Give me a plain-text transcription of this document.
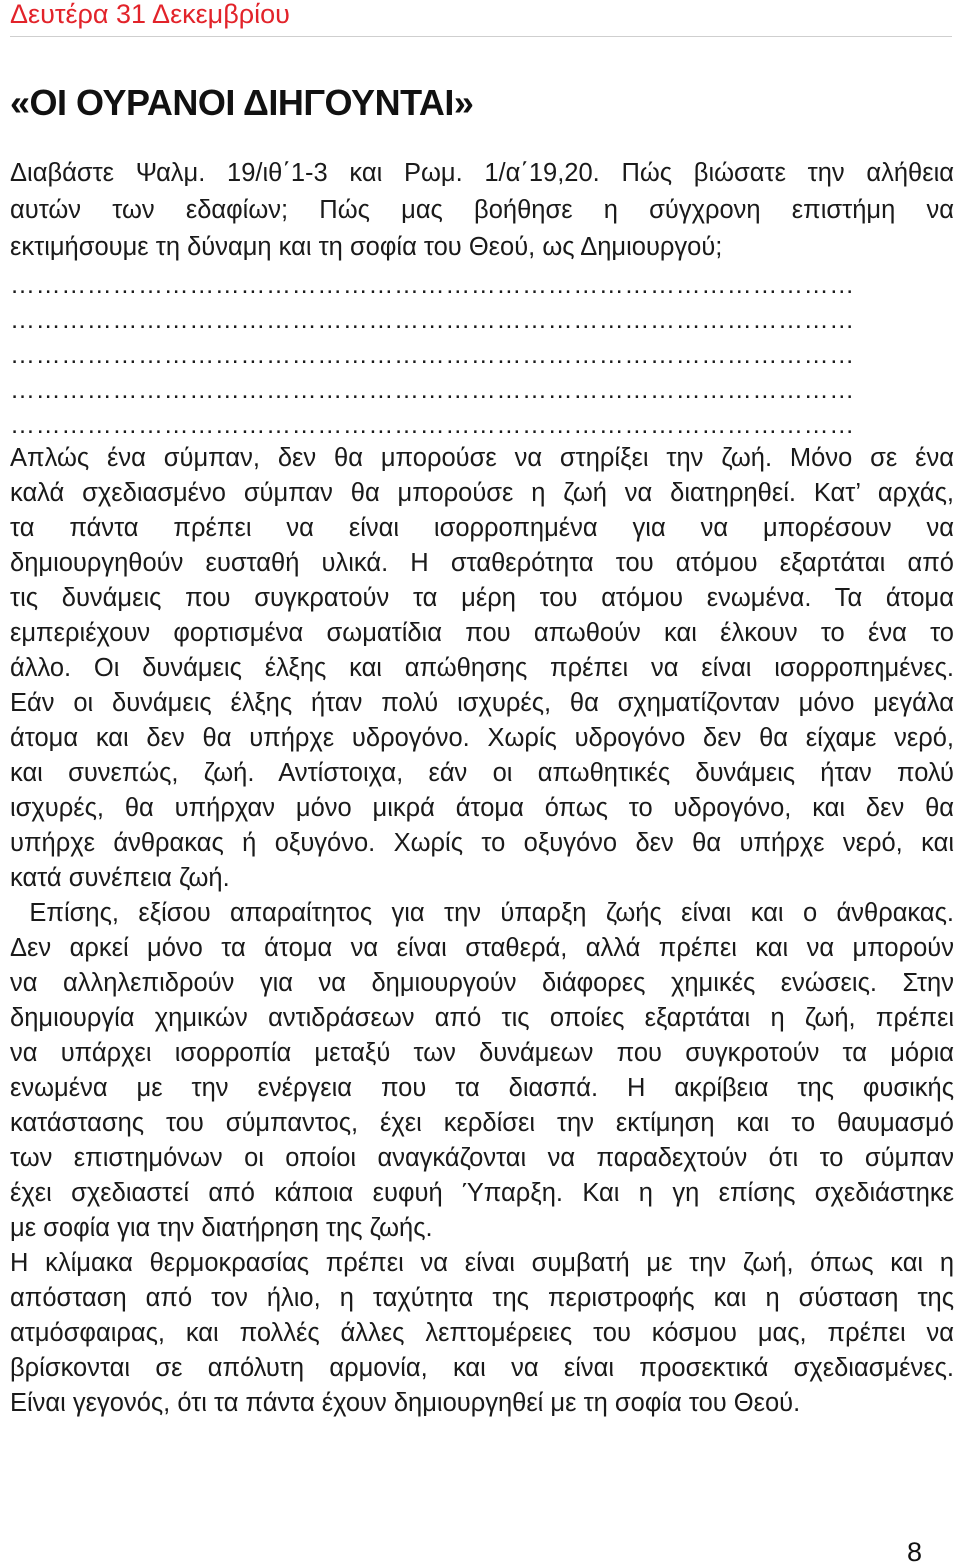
Δευτέρα 31 Δεκεμβρίου
«ΟΙ ΟΥΡΑΝΟΙ ΔΙΗΓΟΥΝΤΑΙ»
Διαβάστε Ψαλμ. 19/ιθ΄1-3 και Ρωμ. 1/α΄19,20. Πώς βιώσατε την αλήθεια
αυτών των εδαφίων; Πώς μας βοήθησε η σύγχρονη επιστήμη να
εκτιμήσουμε τη δύναμη και τη σοφία του Θεού, ως Δημιουργού;
………………………………………………………………………………………
………………………………………………………………………………………
………………………………………………………………………………………
………………………………………………………………………………………
………………………………………………………………………………………
Απλώς ένα σύμπαν, δεν θα μπορούσε να στηρίξει την ζωή. Μόνο σε ένα
καλά σχεδιασμένο σύμπαν θα μπορούσε η ζωή να διατηρηθεί. Κατ’ αρχάς,
τα πάντα πρέπει να είναι ισορροπημένα για να μπορέσουν να
δημιουργηθούν ευσταθή υλικά. Η σταθερότητα του ατόμου εξαρτάται από
τις δυνάμεις που συγκρατούν τα μέρη του ατόμου ενωμένα. Τα άτομα
εμπεριέχουν φορτισμένα σωματίδια που απωθούν και έλκουν το ένα το
άλλο. Οι δυνάμεις έλξης και απώθησης πρέπει να είναι ισορροπημένες.
Εάν οι δυνάμεις έλξης ήταν πολύ ισχυρές, θα σχηματίζονταν μόνο μεγάλα
άτομα και δεν θα υπήρχε υδρογόνο. Χωρίς υδρογόνο δεν θα είχαμε νερό,
και συνεπώς, ζωή. Αντίστοιχα, εάν οι απωθητικές δυνάμεις ήταν πολύ
ισχυρές, θα υπήρχαν μόνο μικρά άτομα όπως το υδρογόνο, και δεν θα
υπήρχε άνθρακας ή οξυγόνο. Χωρίς το οξυγόνο δεν θα υπήρχε νερό, και
κατά συνέπεια ζωή.
Επίσης, εξίσου απαραίτητος για την ύπαρξη ζωής είναι και ο άνθρακας.
Δεν αρκεί μόνο τα άτομα να είναι σταθερά, αλλά πρέπει και να μπορούν
να αλληλεπιδρούν για να δημιουργούν διάφορες χημικές ενώσεις. Στην
δημιουργία χημικών αντιδράσεων από τις οποίες εξαρτάται η ζωή, πρέπει
να υπάρχει ισορροπία μεταξύ των δυνάμεων που συγκροτούν τα μόρια
ενωμένα με την ενέργεια που τα διασπά. Η ακρίβεια της φυσικής
κατάστασης του σύμπαντος, έχει κερδίσει την εκτίμηση και το θαυμασμό
των επιστημόνων οι οποίοι αναγκάζονται να παραδεχτούν ότι το σύμπαν
έχει σχεδιαστεί από κάποια ευφυή Ύπαρξη. Και η γη επίσης σχεδιάστηκε
με σοφία για την διατήρηση της ζωής.
Η κλίμακα θερμοκρασίας πρέπει να είναι συμβατή με την ζωή, όπως και η
απόσταση από τον ήλιο, η ταχύτητα της περιστροφής και η σύσταση της
ατμόσφαιρας, και πολλές άλλες λεπτομέρειες του κόσμου μας, πρέπει να
βρίσκονται σε απόλυτη αρμονία, και να είναι προσεκτικά σχεδιασμένες.
Είναι γεγονός, ότι τα πάντα έχουν δημιουργηθεί με τη σοφία του Θεού.
8
